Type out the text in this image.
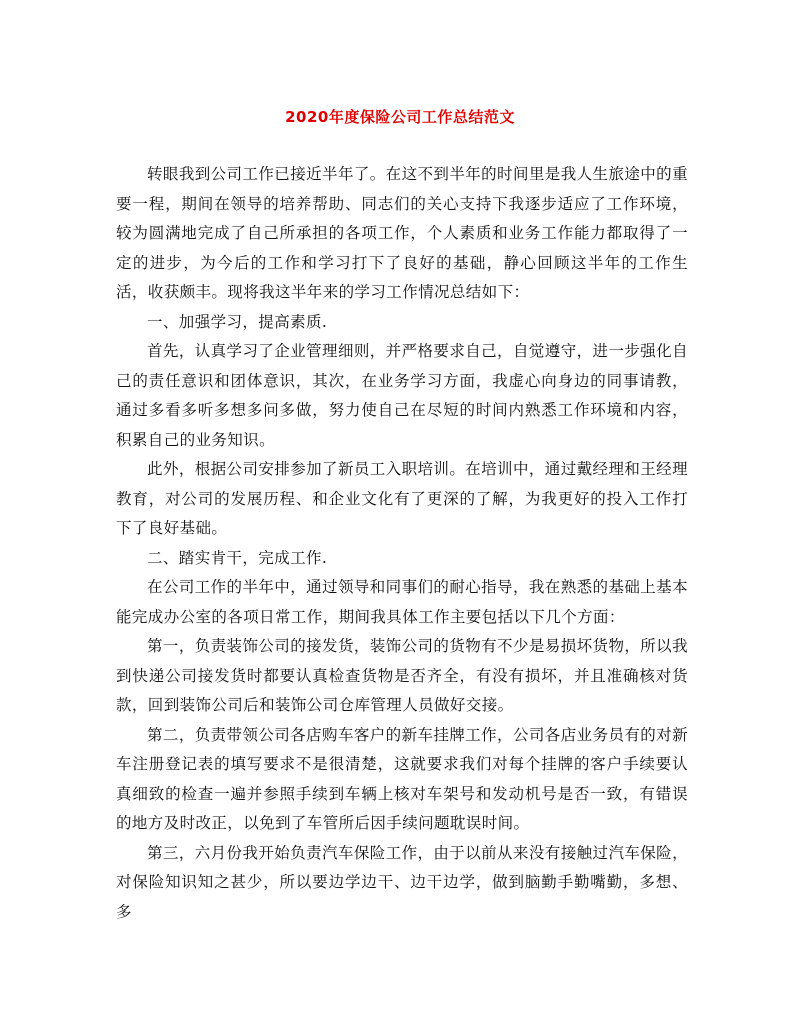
2020年度保险公司工作总结范文

转眼我到公司工作已接近半年了。在这不到半年的时间里是我人生旅途中的重要一程，期间在领导的培养帮助、同志们的关心支持下我逐步适应了工作环境，较为圆满地完成了自己所承担的各项工作，个人素质和业务工作能力都取得了一定的进步，为今后的工作和学习打下了良好的基础，静心回顾这半年的工作生活，收获颇丰。现将我这半年来的学习工作情况总结如下：

一、加强学习，提高素质.

首先，认真学习了企业管理细则，并严格要求自己，自觉遵守，进一步强化自己的责任意识和团体意识，其次，在业务学习方面，我虚心向身边的同事请教，通过多看多听多想多问多做，努力使自己在尽短的时间内熟悉工作环境和内容，积累自己的业务知识。

此外，根据公司安排参加了新员工入职培训。在培训中，通过戴经理和王经理教育，对公司的发展历程、和企业文化有了更深的了解，为我更好的投入工作打下了良好基础。

二、踏实肯干，完成工作.

在公司工作的半年中，通过领导和同事们的耐心指导，我在熟悉的基础上基本能完成办公室的各项日常工作，期间我具体工作主要包括以下几个方面：

第一，负责装饰公司的接发货，装饰公司的货物有不少是易损坏货物，所以我到快递公司接发货时都要认真检查货物是否齐全，有没有损坏，并且准确核对货款，回到装饰公司后和装饰公司仓库管理人员做好交接。

第二，负责带领公司各店购车客户的新车挂牌工作，公司各店业务员有的对新车注册登记表的填写要求不是很清楚，这就要求我们对每个挂牌的客户手续要认真细致的检查一遍并参照手续到车辆上核对车架号和发动机号是否一致，有错误的地方及时改正，以免到了车管所后因手续问题耽误时间。

第三，六月份我开始负责汽车保险工作，由于以前从来没有接触过汽车保险，对保险知识知之甚少，所以要边学边干、边干边学，做到脑勤手勤嘴勤，多想、多
